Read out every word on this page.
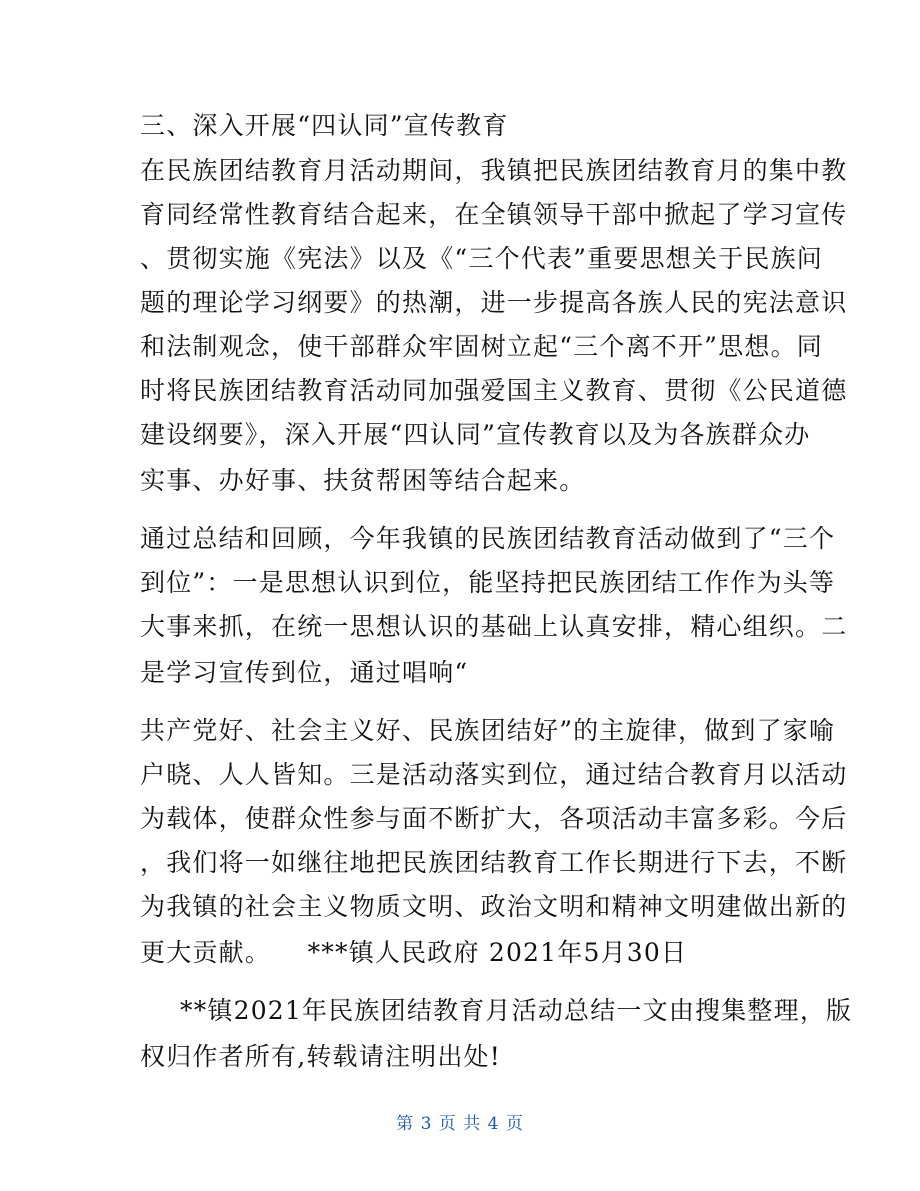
三、深入开展“四认同”宣传教育
在民族团结教育月活动期间，我镇把民族团结教育月的集中教
育同经常性教育结合起来，在全镇领导干部中掀起了学习宣传
、贯彻实施《宪法》以及《“三个代表”重要思想关于民族问
题的理论学习纲要》的热潮，进一步提高各族人民的宪法意识
和法制观念，使干部群众牢固树立起“三个离不开”思想。同
时将民族团结教育活动同加强爱国主义教育、贯彻《公民道德
建设纲要》，深入开展“四认同”宣传教育以及为各族群众办
实事、办好事、扶贫帮困等结合起来。
通过总结和回顾，今年我镇的民族团结教育活动做到了“三个
到位”：一是思想认识到位，能坚持把民族团结工作作为头等
大事来抓，在统一思想认识的基础上认真安排，精心组织。二
是学习宣传到位，通过唱响“
共产党好、社会主义好、民族团结好”的主旋律，做到了家喻
户晓、人人皆知。三是活动落实到位，通过结合教育月以活动
为载体，使群众性参与面不断扩大，各项活动丰富多彩。今后
，我们将一如继往地把民族团结教育工作长期进行下去，不断
为我镇的社会主义物质文明、政治文明和精神文明建做出新的
更大贡献。    ***镇人民政府 2021年5月30日
**镇2021年民族团结教育月活动总结一文由搜集整理，版
权归作者所有,转载请注明出处!
第 3 页 共 4 页
